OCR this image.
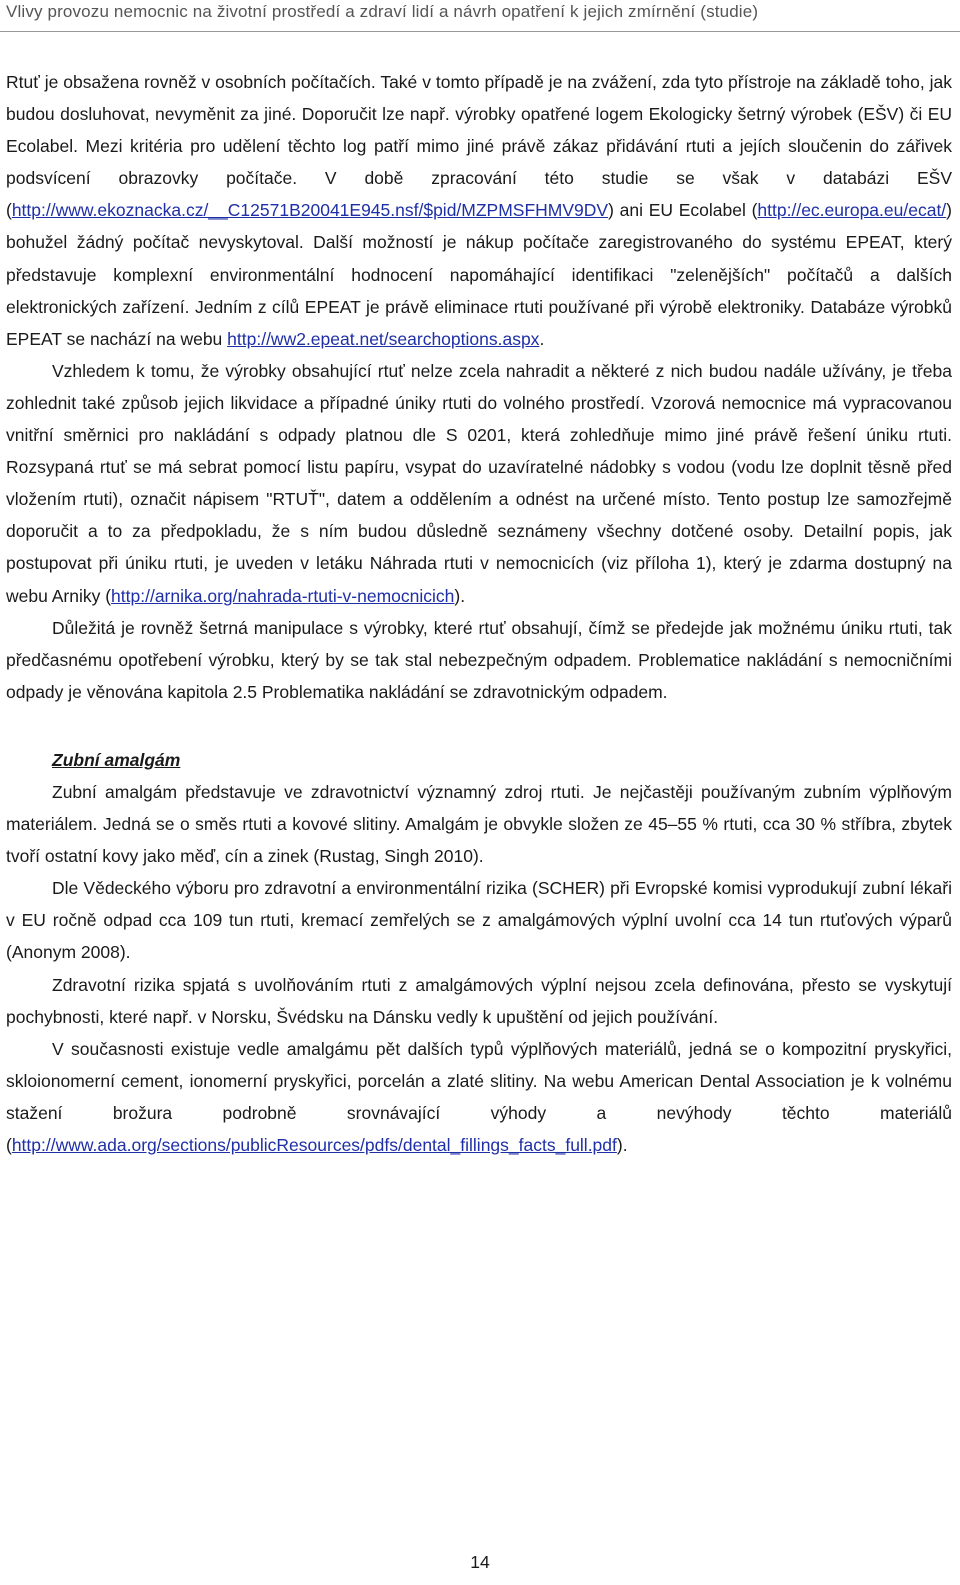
Vlivy provozu nemocnic na životní prostředí a zdraví lidí a návrh opatření k jejich zmírnění (studie)

Rtuť je obsažena rovněž v osobních počítačích. Také v tomto případě je na zvážení, zda tyto přístroje na základě toho, jak budou dosluhovat, nevyměnit za jiné. Doporučit lze např. výrobky opatřené logem Ekologicky šetrný výrobek (EŠV) či EU Ecolabel. Mezi kritéria pro udělení těchto log patří mimo jiné právě zákaz přidávání rtuti a jejích sloučenin do zářivek podsvícení obrazovky počítače. V době zpracování této studie se však v databázi EŠV (http://www.ekoznacka.cz/__C12571B20041E945.nsf/$pid/MZPMSFHMV9DV) ani EU Ecolabel (http://ec.europa.eu/ecat/) bohužel žádný počítač nevyskytoval. Další možností je nákup počítače zaregistrovaného do systému EPEAT, který představuje komplexní environmentální hodnocení napomáhající identifikaci "zelenějších" počítačů a dalších elektronických zařízení. Jedním z cílů EPEAT je právě eliminace rtuti používané při výrobě elektroniky. Databáze výrobků EPEAT se nachází na webu http://ww2.epeat.net/searchoptions.aspx.

Vzhledem k tomu, že výrobky obsahující rtuť nelze zcela nahradit a některé z nich budou nadále užívány, je třeba zohlednit také způsob jejich likvidace a případné úniky rtuti do volného prostředí. Vzorová nemocnice má vypracovanou vnitřní směrnici pro nakládání s odpady platnou dle S 0201, která zohledňuje mimo jiné právě řešení úniku rtuti. Rozsypaná rtuť se má sebrat pomocí listu papíru, vsypat do uzavíratelné nádobky s vodou (vodu lze doplnit těsně před vložením rtuti), označit nápisem "RTUŤ", datem a oddělením a odnést na určené místo. Tento postup lze samozřejmě doporučit a to za předpokladu, že s ním budou důsledně seznámeny všechny dotčené osoby. Detailní popis, jak postupovat při úniku rtuti, je uveden v letáku Náhrada rtuti v nemocnicích (viz příloha 1), který je zdarma dostupný na webu Arniky (http://arnika.org/nahrada-rtuti-v-nemocnicich).

Důležitá je rovněž šetrná manipulace s výrobky, které rtuť obsahují, čímž se předejde jak možnému úniku rtuti, tak předčasnému opotřebení výrobku, který by se tak stal nebezpečným odpadem. Problematice nakládání s nemocničními odpady je věnována kapitola 2.5 Problematika nakládání se zdravotnickým odpadem.

Zubní amalgám

Zubní amalgám představuje ve zdravotnictví významný zdroj rtuti. Je nejčastěji používaným zubním výplňovým materiálem. Jedná se o směs rtuti a kovové slitiny. Amalgám je obvykle složen ze 45–55 % rtuti, cca 30 % stříbra, zbytek tvoří ostatní kovy jako měď, cín a zinek (Rustag, Singh 2010).

Dle Vědeckého výboru pro zdravotní a environmentální rizika (SCHER) při Evropské komisi vyprodukují zubní lékaři v EU ročně odpad cca 109 tun rtuti, kremací zemřelých se z amalgámových výplní uvolní cca 14 tun rtuťových výparů (Anonym 2008).

Zdravotní rizika spjatá s uvolňováním rtuti z amalgámových výplní nejsou zcela definována, přesto se vyskytují pochybnosti, které např. v Norsku, Švédsku na Dánsku vedly k upuštění od jejich používání.

V současnosti existuje vedle amalgámu pět dalších typů výplňových materiálů, jedná se o kompozitní pryskyřici, skloionomerní cement, ionomerní pryskyřici, porcelán a zlaté slitiny. Na webu American Dental Association je k volnému stažení brožura podrobně srovnávající výhody a nevýhody těchto materiálů (http://www.ada.org/sections/publicResources/pdfs/dental_fillings_facts_full.pdf).

14
